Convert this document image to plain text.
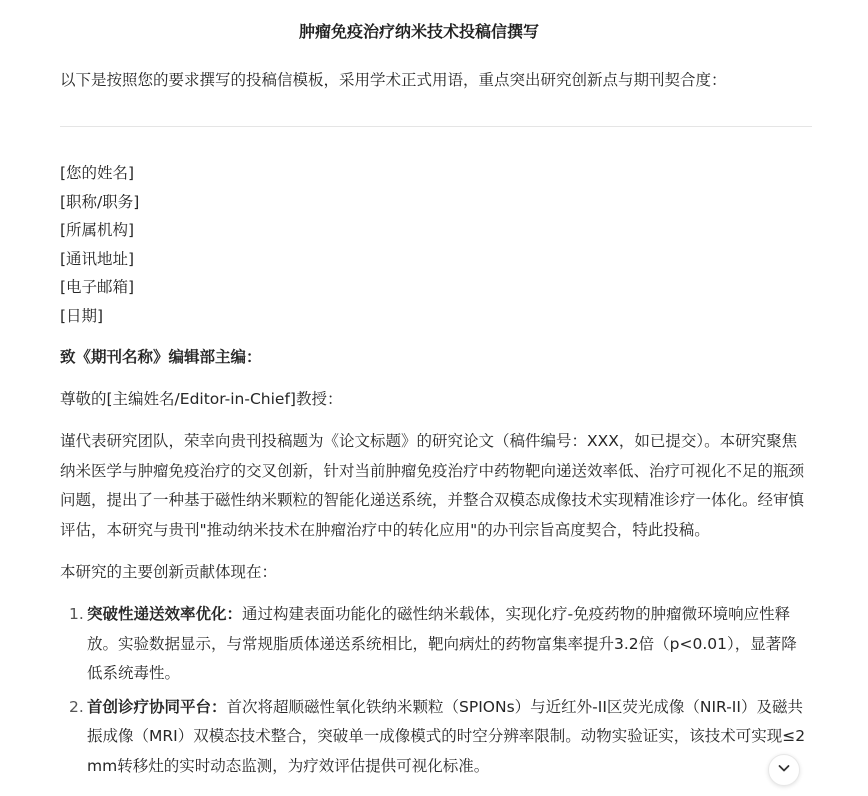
肿瘤免疫治疗纳米技术投稿信撰写
以下是按照您的要求撰写的投稿信模板，采用学术正式用语，重点突出研究创新点与期刊契合度：
[您的姓名]
[职称/职务]
[所属机构]
[通讯地址]
[电子邮箱]
[日期]
致《期刊名称》编辑部主编：
尊敬的[主编姓名/Editor-in-Chief]教授：
谨代表研究团队，荣幸向贵刊投稿题为《论文标题》的研究论文（稿件编号：XXX，如已提交）。本研究聚焦纳米医学与肿瘤免疫治疗的交叉创新，针对当前肿瘤免疫治疗中药物靶向递送效率低、治疗可视化不足的瓶颈问题，提出了一种基于磁性纳米颗粒的智能化递送系统，并整合双模态成像技术实现精准诊疗一体化。经审慎评估，本研究与贵刊"推动纳米技术在肿瘤治疗中的转化应用"的办刊宗旨高度契合，特此投稿。
本研究的主要创新贡献体现在：
1. 突破性递送效率优化：通过构建表面功能化的磁性纳米载体，实现化疗-免疫药物的肿瘤微环境响应性释放。实验数据显示，与常规脂质体递送系统相比，靶向病灶的药物富集率提升3.2倍（p<0.01），显著降低系统毒性。
2. 首创诊疗协同平台：首次将超顺磁性氧化铁纳米颗粒（SPIONs）与近红外-II区荧光成像（NIR-II）及磁共振成像（MRI）双模态技术整合，突破单一成像模式的时空分辨率限制。动物实验证实，该技术可实现≤2 mm转移灶的实时动态监测，为疗效评估提供可视化标准。
